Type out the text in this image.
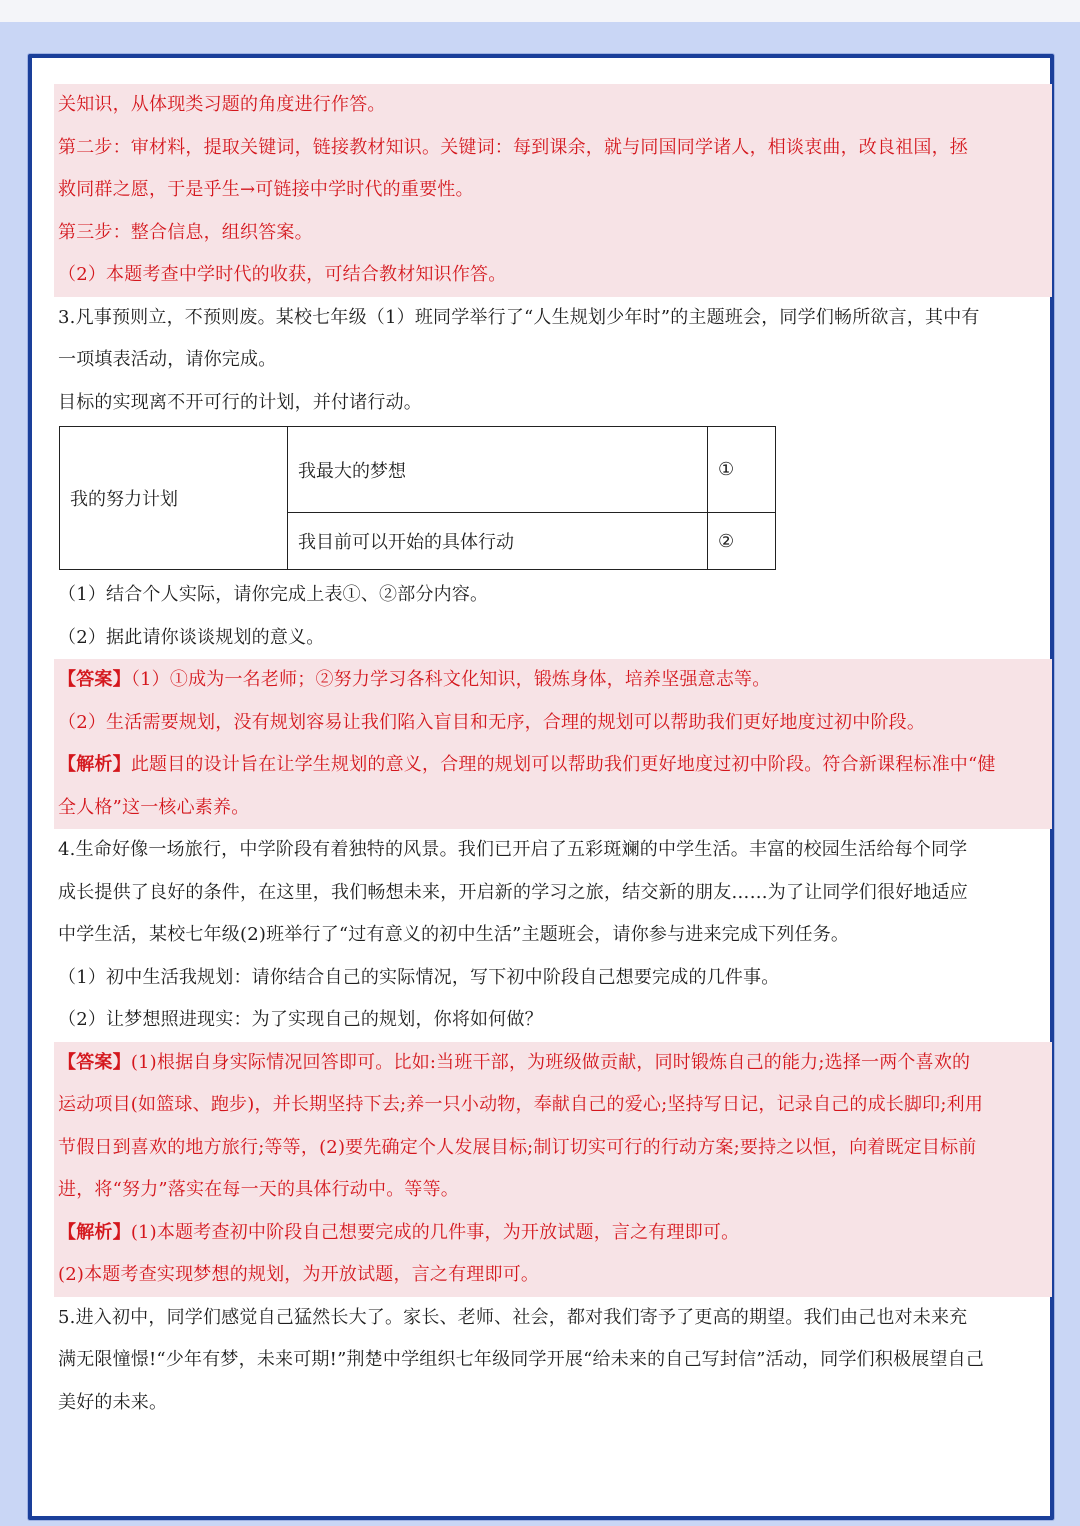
关知识，从体现类习题的角度进行作答。
第二步：审材料，提取关键词，链接教材知识。关键词：每到课余，就与同国同学诸人，相谈衷曲，改良祖国，拯
救同群之愿，于是乎生→可链接中学时代的重要性。
第三步：整合信息，组织答案。
（2）本题考查中学时代的收获，可结合教材知识作答。
3.凡事预则立，不预则废。某校七年级（1）班同学举行了“人生规划少年时”的主题班会，同学们畅所欲言，其中有
一项填表活动，请你完成。
目标的实现离不开可行的计划，并付诸行动。
我的努力计划	我最大的梦想	①
	我目前可以开始的具体行动	②
（1）结合个人实际，请你完成上表①、②部分内容。
（2）据此请你谈谈规划的意义。
【答案】（1）①成为一名老师；②努力学习各科文化知识，锻炼身体，培养坚强意志等。
（2）生活需要规划，没有规划容易让我们陷入盲目和无序，合理的规划可以帮助我们更好地度过初中阶段。
【解析】此题目的设计旨在让学生规划的意义，合理的规划可以帮助我们更好地度过初中阶段。符合新课程标准中“健
全人格”这一核心素养。
4.生命好像一场旅行，中学阶段有着独特的风景。我们已开启了五彩斑斓的中学生活。丰富的校园生活给每个同学
成长提供了良好的条件，在这里，我们畅想未来，开启新的学习之旅，结交新的朋友……为了让同学们很好地适应
中学生活，某校七年级(2)班举行了“过有意义的初中生活”主题班会，请你参与进来完成下列任务。
（1）初中生活我规划：请你结合自己的实际情况，写下初中阶段自己想要完成的几件事。
（2）让梦想照进现实：为了实现自己的规划，你将如何做？
【答案】(1)根据自身实际情况回答即可。比如:当班干部，为班级做贡献，同时锻炼自己的能力;选择一两个喜欢的
运动项目(如篮球、跑步)，并长期坚持下去;养一只小动物，奉献自己的爱心;坚持写日记，记录自己的成长脚印;利用
节假日到喜欢的地方旅行;等等，(2)要先确定个人发展目标;制订切实可行的行动方案;要持之以恒，向着既定目标前
进，将“努力”落实在每一天的具体行动中。等等。
【解析】(1)本题考查初中阶段自己想要完成的几件事，为开放试题，言之有理即可。
(2)本题考查实现梦想的规划，为开放试题，言之有理即可。
5.进入初中，同学们感觉自己猛然长大了。家长、老师、社会，都对我们寄予了更高的期望。我们由己也对未来充
满无限憧憬!“少年有梦，未来可期!”荆楚中学组织七年级同学开展“给未来的自己写封信”活动，同学们积极展望自己
美好的未来。
